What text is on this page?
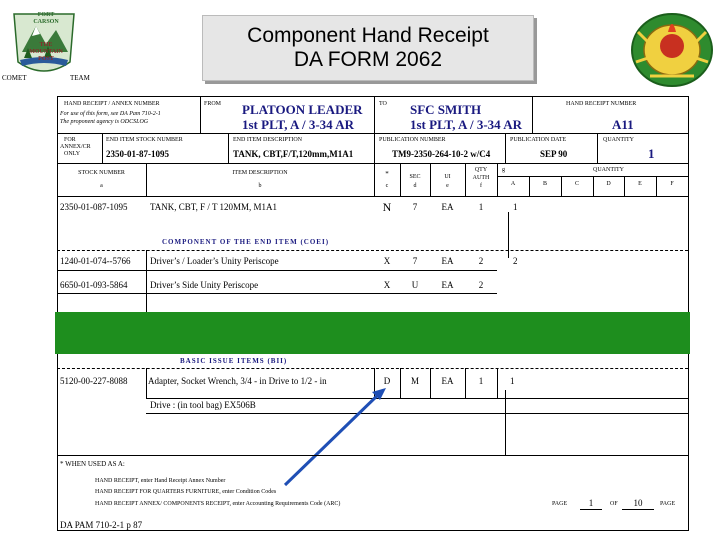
FORT CARSON
THE MOUNTAIN POST
COMET	TEAM
Component Hand Receipt
DA FORM 2062
HAND RECEIPT / ANNEX NUMBER
For use of this form, see DA Pam 710-2-1
The proponent agency is ODCSLOG
FROM PLATOON LEADER
1st PLT, A / 3-34 AR
TO SFC SMITH
1st PLT, A / 3-34 AR
HAND RECEIPT NUMBER
A11
FOR
ANNEX/CR
ONLY
END ITEM STOCK NUMBER
2350-01-87-1095
END ITEM DESCRIPTION
TANK, CBT,F/T,120mm,M1A1
PUBLICATION NUMBER
TM9-2350-264-10-2 w/C4
PUBLICATION DATE
SEP 90
QUANTITY
1
STOCK NUMBER
a
ITEM DESCRIPTION
b
*
c
SEC
d
UI
e
QTY
AUTH
f
g	QUANTITY
A	B	C	D	E	F
2350-01-087-1095	TANK, CBT, F / T 120MM, M1A1	N	7	EA	1	1
COMPONENT OF THE END ITEM (COEI)
1240-01-074--5766 Driver’s / Loader’s Unity Periscope	X	7	EA	2	2
6650-01-093-5864	Driver’s Side Unity Periscope	X	U	EA	2
BASIC ISSUE ITEMS (BII)
5120-00-227-8088 Adapter, Socket Wrench, 3/4 - in Drive to 1/2 - in	D	M	EA	1	1
Drive : (in tool bag) EX506B
* WHEN USED AS A:
HAND RECEIPT, enter Hand Receipt Annex Number
HAND RECEIPT FOR QUARTERS FURNITURE, enter Condition Codes
HAND RECEIPT ANNEX/ COMPONENTS RECEIPT, enter Accounting Requirements Code (ARC)	PAGE	1	OF	10	PAGE
DA PAM 710-2-1 p 87
